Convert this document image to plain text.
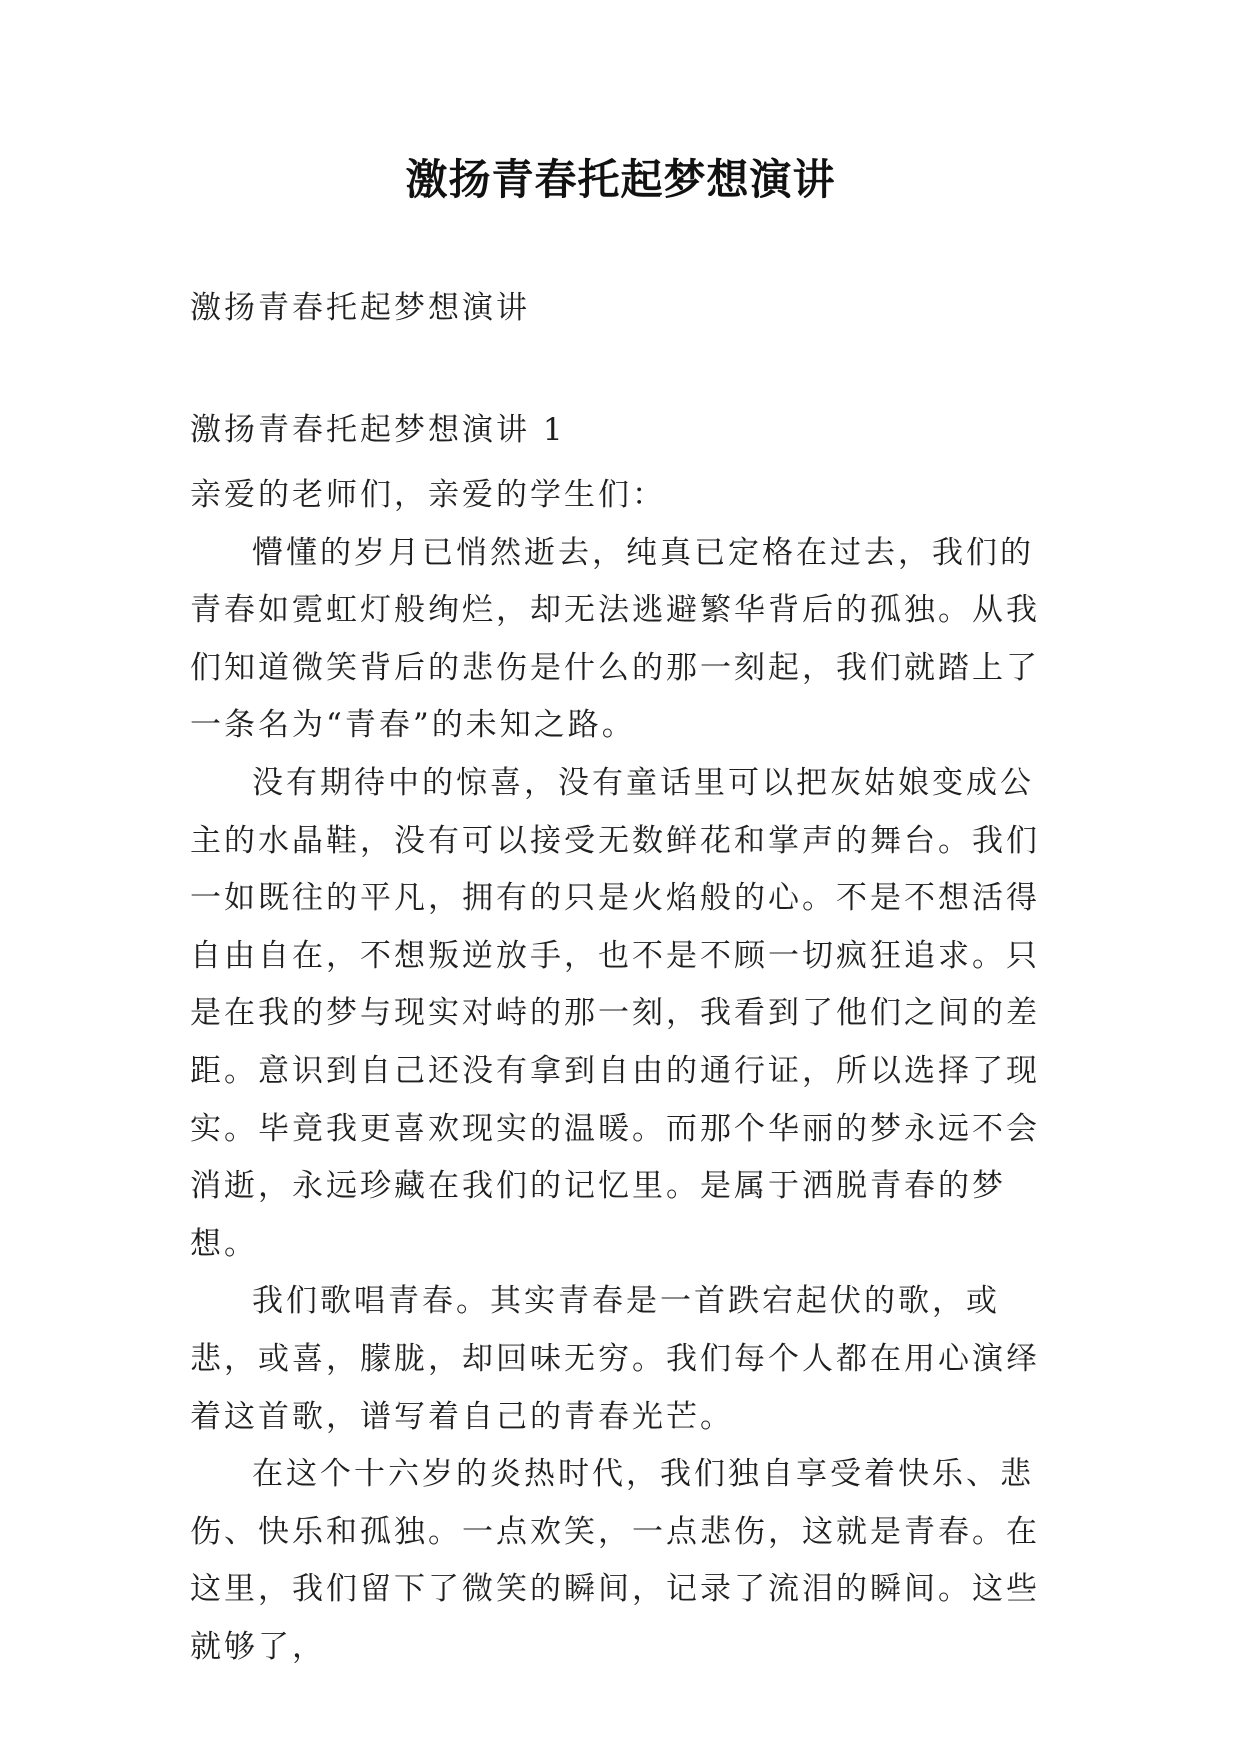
激扬青春托起梦想演讲
激扬青春托起梦想演讲
激扬青春托起梦想演讲 1

亲爱的老师们，亲爱的学生们：

懵懂的岁月已悄然逝去，纯真已定格在过去，我们的青春如霓虹灯般绚烂，却无法逃避繁华背后的孤独。从我们知道微笑背后的悲伤是什么的那一刻起，我们就踏上了一条名为“青春”的未知之路。

没有期待中的惊喜，没有童话里可以把灰姑娘变成公主的水晶鞋，没有可以接受无数鲜花和掌声的舞台。我们一如既往的平凡，拥有的只是火焰般的心。不是不想活得自由自在，不想叛逆放手，也不是不顾一切疯狂追求。只是在我的梦与现实对峙的那一刻，我看到了他们之间的差距。意识到自己还没有拿到自由的通行证，所以选择了现实。毕竟我更喜欢现实的温暖。而那个华丽的梦永远不会消逝，永远珍藏在我们的记忆里。是属于洒脱青春的梦想。

我们歌唱青春。其实青春是一首跌宕起伏的歌，或悲，或喜，朦胧，却回味无穷。我们每个人都在用心演绎着这首歌，谱写着自己的青春光芒。

在这个十六岁的炎热时代，我们独自享受着快乐、悲伤、快乐和孤独。一点欢笑，一点悲伤，这就是青春。在这里，我们留下了微笑的瞬间，记录了流泪的瞬间。这些就够了，
